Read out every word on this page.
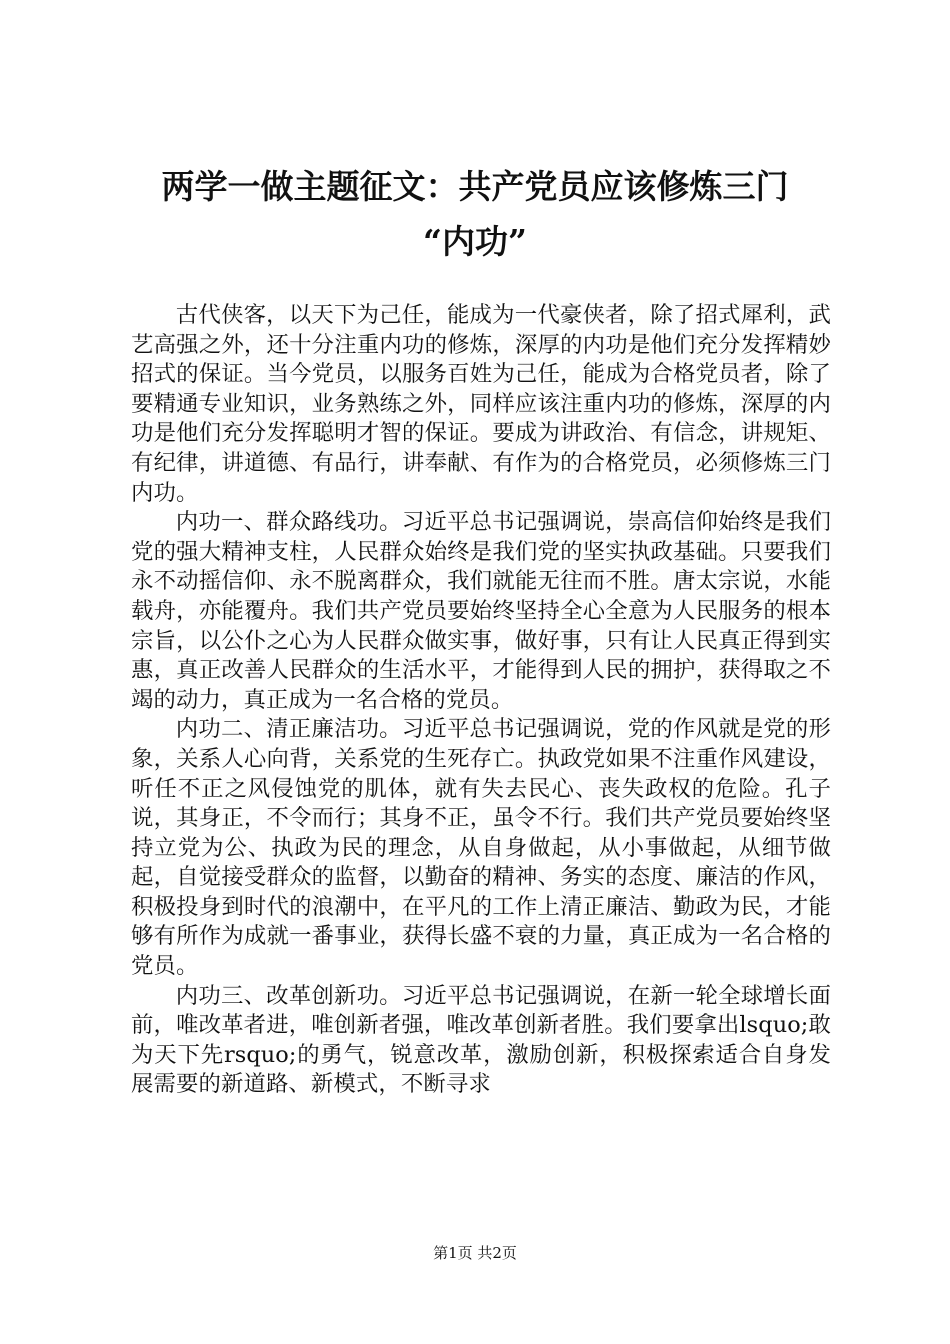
两学一做主题征文：共产党员应该修炼三门
“内功”

古代侠客，以天下为己任，能成为一代豪侠者，除了招式犀利，武艺高强之外，还十分注重内功的修炼，深厚的内功是他们充分发挥精妙招式的保证。当今党员，以服务百姓为己任，能成为合格党员者，除了要精通专业知识，业务熟练之外，同样应该注重内功的修炼，深厚的内功是他们充分发挥聪明才智的保证。要成为讲政治、有信念，讲规矩、有纪律，讲道德、有品行，讲奉献、有作为的合格党员，必须修炼三门内功。

内功一、群众路线功。习近平总书记强调说，崇高信仰始终是我们党的强大精神支柱，人民群众始终是我们党的坚实执政基础。只要我们永不动摇信仰、永不脱离群众，我们就能无往而不胜。唐太宗说，水能载舟，亦能覆舟。我们共产党员要始终坚持全心全意为人民服务的根本宗旨，以公仆之心为人民群众做实事，做好事，只有让人民真正得到实惠，真正改善人民群众的生活水平，才能得到人民的拥护，获得取之不竭的动力，真正成为一名合格的党员。

内功二、清正廉洁功。习近平总书记强调说，党的作风就是党的形象，关系人心向背，关系党的生死存亡。执政党如果不注重作风建设，听任不正之风侵蚀党的肌体，就有失去民心、丧失政权的危险。孔子说，其身正，不令而行；其身不正，虽令不行。我们共产党员要始终坚持立党为公、执政为民的理念，从自身做起，从小事做起，从细节做起，自觉接受群众的监督，以勤奋的精神、务实的态度、廉洁的作风，积极投身到时代的浪潮中，在平凡的工作上清正廉洁、勤政为民，才能够有所作为成就一番事业，获得长盛不衰的力量，真正成为一名合格的党员。

内功三、改革创新功。习近平总书记强调说，在新一轮全球增长面前，唯改革者进，唯创新者强，唯改革创新者胜。我们要拿出lsquo;敢为天下先rsquo;的勇气，锐意改革，激励创新，积极探索适合自身发展需要的新道路、新模式，不断寻求

第1页 共2页
